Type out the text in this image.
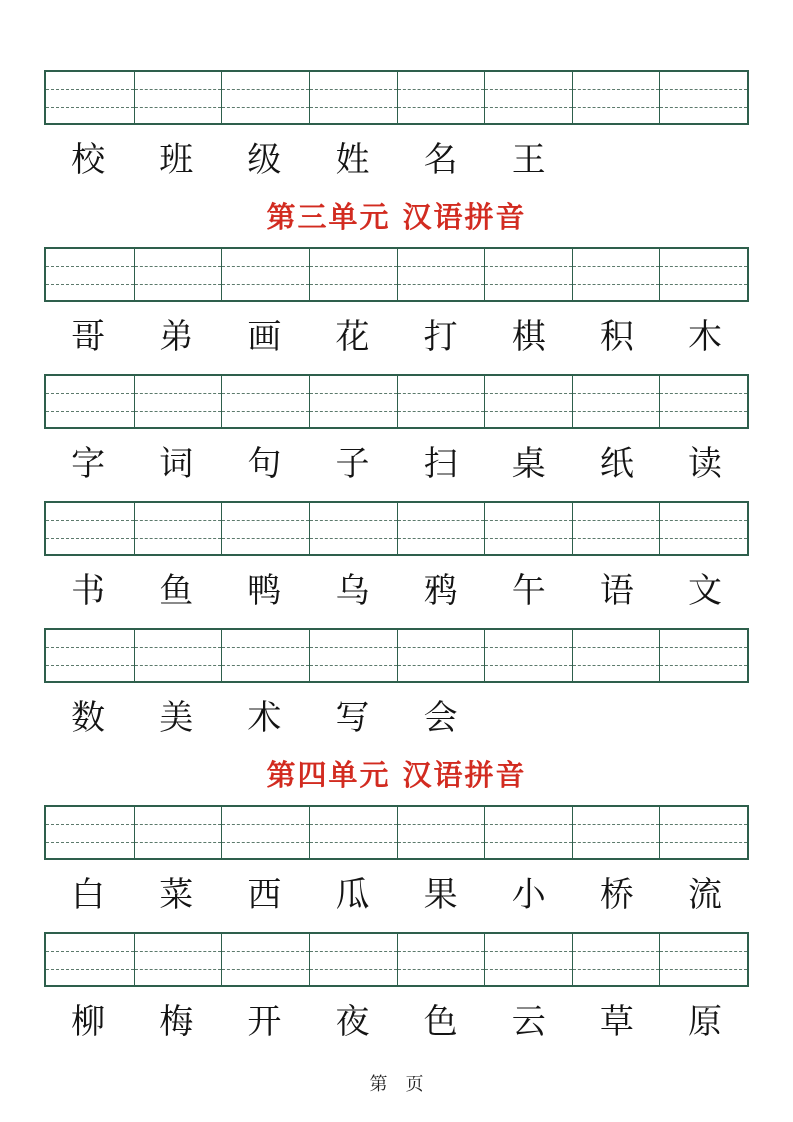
校	班	级	姓	名	王
第三单元 汉语拼音
哥	弟	画	花	打	棋	积	木
字	词	句	子	扫	桌	纸	读
书	鱼	鸭	乌	鸦	午	语	文
数	美	术	写	会
第四单元 汉语拼音
白	菜	西	瓜	果	小	桥	流
柳	梅	开	夜	色	云	草	原
第　页
